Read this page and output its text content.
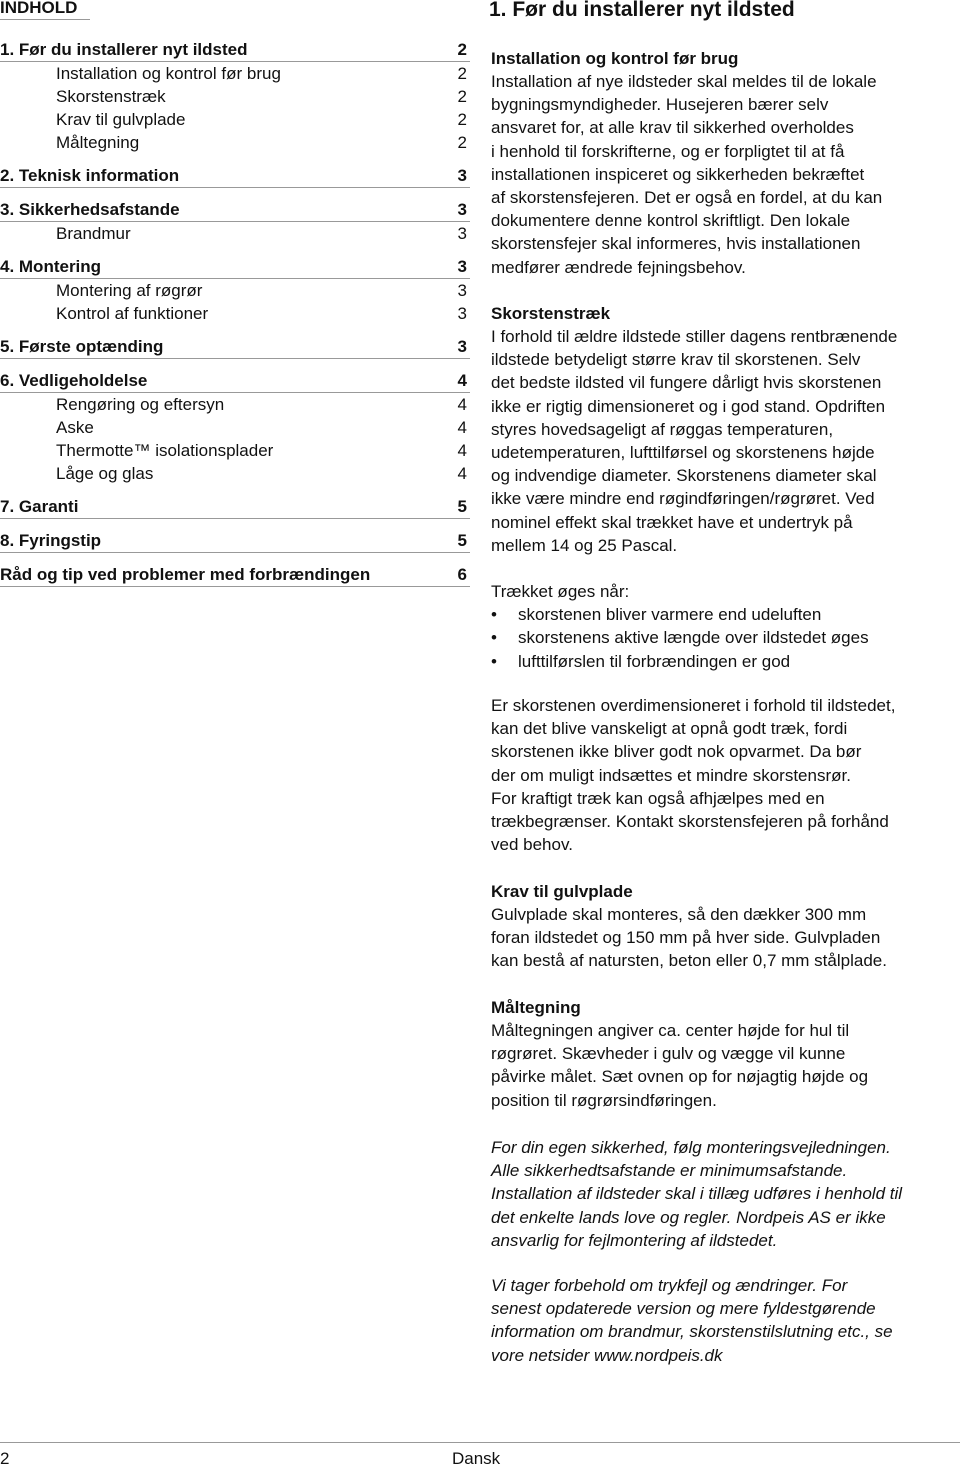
INDHOLD
1. Før du installerer nyt ildsted	2
Installation og kontrol før brug	2
Skorstenstræk	2
Krav til gulvplade	2
Måltegning	2
2. Teknisk information	3
3. Sikkerhedsafstande	3
Brandmur	3
4. Montering	3
Montering af røgrør	3
Kontrol af funktioner	3
5. Første optænding	3
6. Vedligeholdelse	4
Rengøring og eftersyn	4
Aske	4
Thermotte™ isolationsplader	4
Låge og glas	4
7. Garanti	5
8. Fyringstip	5
Råd og tip ved problemer med forbrændingen	6
1. Før du installerer nyt ildsted
Installation og kontrol før brug

Installation af nye ildsteder skal meldes til de lokale

bygningsmyndigheder. Husejeren bærer selv

ansvaret for, at alle krav til sikkerhed overholdes

i henhold til forskrifterne, og er forpligtet til at få

installationen inspiceret og sikkerheden bekræftet

af skorstensfejeren. Det er også en fordel, at du kan

dokumentere denne kontrol skriftligt. Den lokale

skorstensfejer skal informeres, hvis installationen

medfører ændrede fejningsbehov.

Skorstenstræk

I forhold til ældre ildstede stiller dagens rentbrænende

ildstede betydeligt større krav til skorstenen. Selv

det bedste ildsted vil fungere dårligt hvis skorstenen

ikke er rigtig dimensioneret og i god stand. Opdriften

styres hovedsageligt af røggas temperaturen,

udetemperaturen, lufttilførsel og skorstenens højde

og indvendige diameter. Skorstenens diameter skal

ikke være mindre end røgindføringen/røgrøret. Ved

nominel effekt skal trækket have et undertryk på

mellem 14 og 25 Pascal.

Trækket øges når:

• skorstenen bliver varmere end udeluften
• skorstenens aktive længde over ildstedet øges
• lufttilførslen til forbrændingen er god

Er skorstenen overdimensioneret i forhold til ildstedet,

kan det blive vanskeligt at opnå godt træk, fordi

skorstenen ikke bliver godt nok opvarmet. Da bør

der om muligt indsættes et mindre skorstensrør.

For kraftigt træk kan også afhjælpes med en

trækbegrænser. Kontakt skorstensfejeren på forhånd

ved behov.

Krav til gulvplade

Gulvplade skal monteres, så den dækker 300 mm

foran ildstedet og 150 mm på hver side. Gulvpladen

kan bestå af natursten, beton eller 0,7 mm stålplade.

Måltegning

Måltegningen angiver ca. center højde for hul til

røgrøret. Skævheder i gulv og vægge vil kunne

påvirke målet. Sæt ovnen op for nøjagtig højde og

position til røgrørsindføringen.

For din egen sikkerhed, følg monteringsvejledningen.

Alle sikkerhedtsafstande er minimumsafstande.

Installation af ildsteder skal i tillæg udføres i henhold til

det enkelte lands love og regler. Nordpeis AS er ikke

ansvarlig for fejlmontering af ildstedet.

Vi tager forbehold om trykfejl og ændringer. For

senest opdaterede version og mere fyldestgørende

information om brandmur, skorstenstilslutning etc., se

vore netsider www.nordpeis.dk

2	Dansk
